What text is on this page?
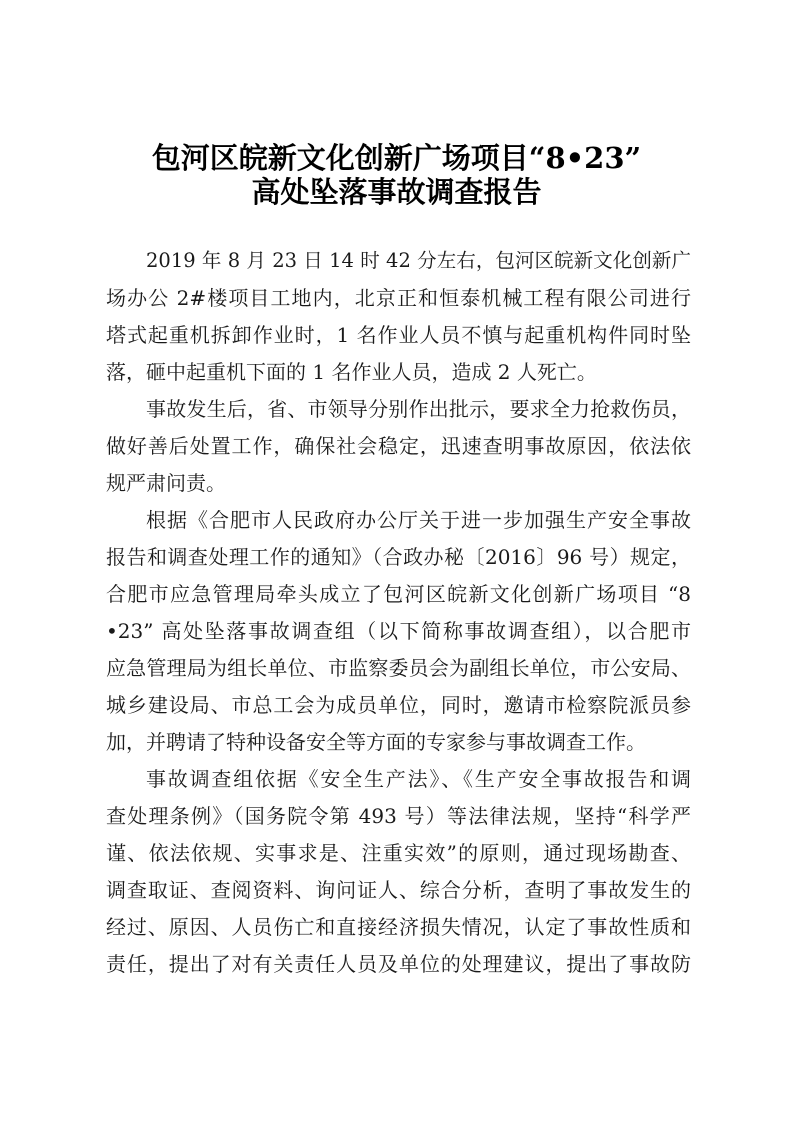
包河区皖新文化创新广场项目“8•23”
高处坠落事故调查报告
2019 年 8 月 23 日 14 时 42 分左右，包河区皖新文化创新广
场办公 2#楼项目工地内，北京正和恒泰机械工程有限公司进行
塔式起重机拆卸作业时，1 名作业人员不慎与起重机构件同时坠
落，砸中起重机下面的 1 名作业人员，造成 2 人死亡。
事故发生后，省、市领导分别作出批示，要求全力抢救伤员，
做好善后处置工作，确保社会稳定，迅速查明事故原因，依法依
规严肃问责。
根据《合肥市人民政府办公厅关于进一步加强生产安全事故
报告和调查处理工作的通知》（合政办秘〔2016〕96 号）规定，
合肥市应急管理局牵头成立了包河区皖新文化创新广场项目 “8
•23” 高处坠落事故调查组（以下简称事故调查组），以合肥市
应急管理局为组长单位、市监察委员会为副组长单位，市公安局、
城乡建设局、市总工会为成员单位，同时，邀请市检察院派员参
加，并聘请了特种设备安全等方面的专家参与事故调查工作。
事故调查组依据《安全生产法》、《生产安全事故报告和调
查处理条例》（国务院令第 493 号）等法律法规，坚持“科学严
谨、依法依规、实事求是、注重实效”的原则，通过现场勘查、
调查取证、查阅资料、询问证人、综合分析，查明了事故发生的
经过、原因、人员伤亡和直接经济损失情况，认定了事故性质和
责任，提出了对有关责任人员及单位的处理建议，提出了事故防
